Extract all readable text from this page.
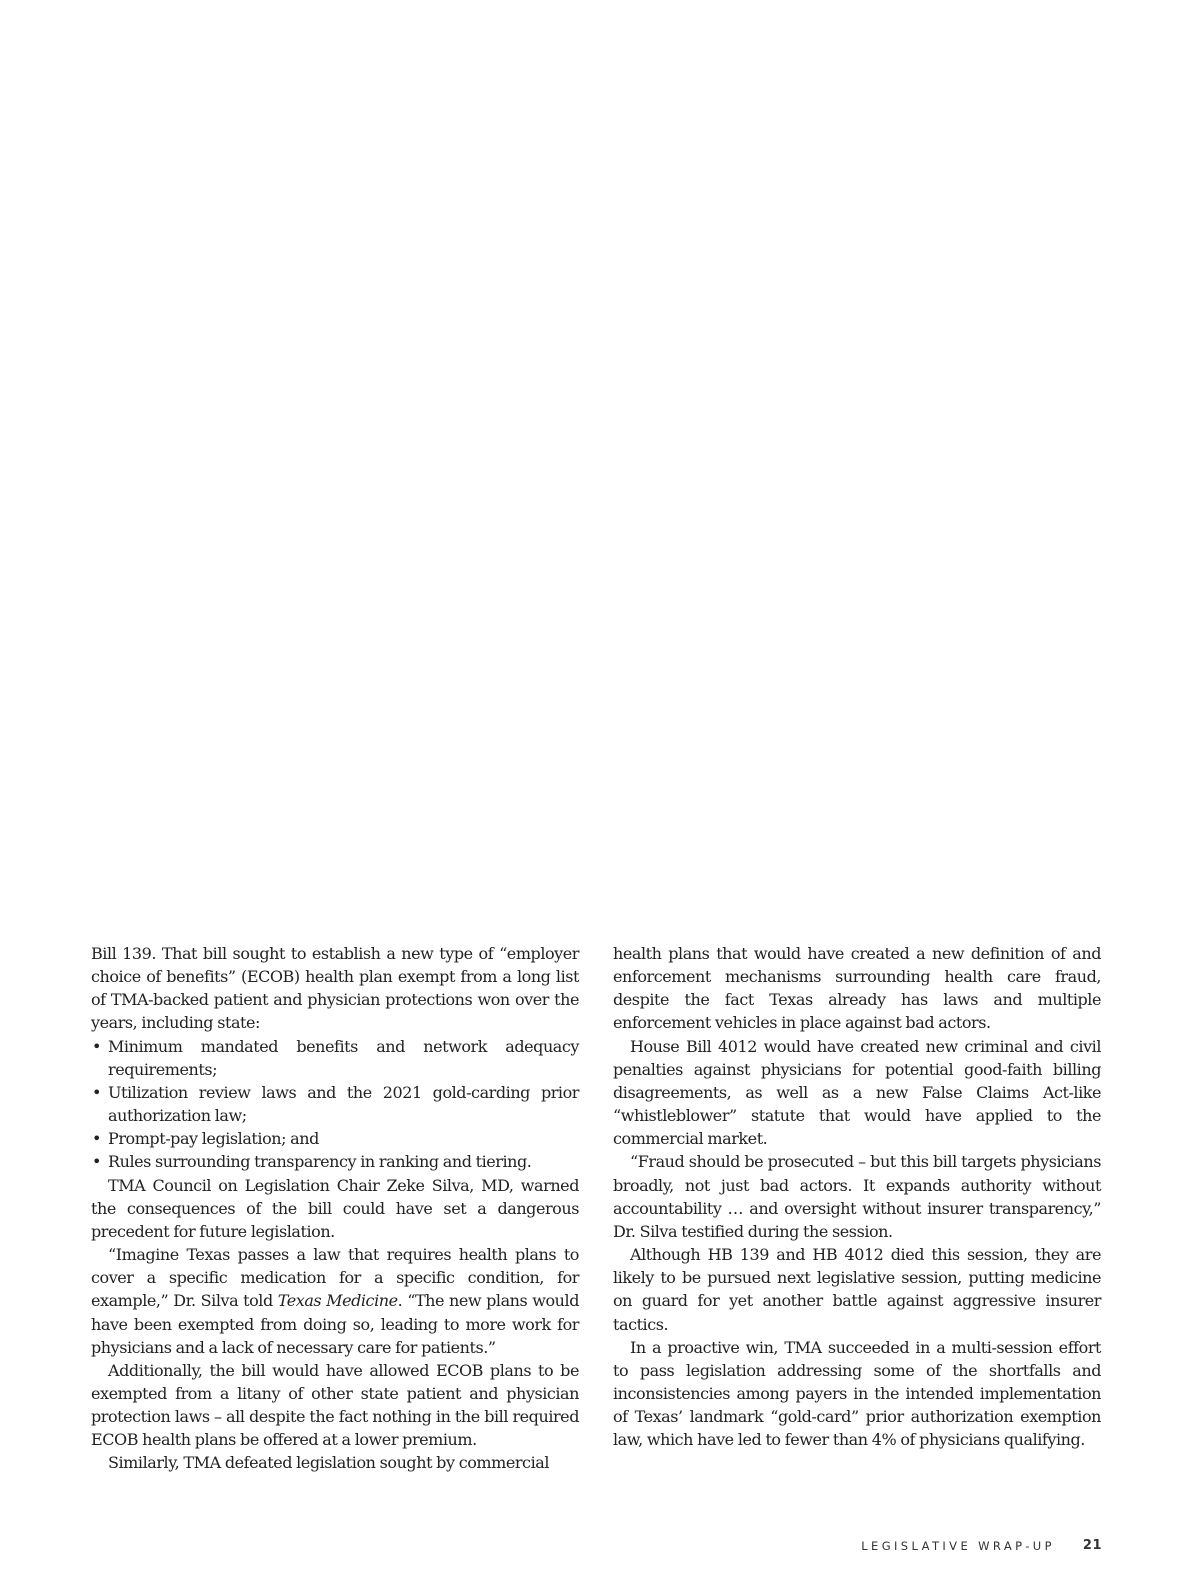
Bill 139. That bill sought to establish a new type of “employer choice of benefits” (ECOB) health plan exempt from a long list of TMA-backed patient and physician protections won over the years, including state:

• Minimum mandated benefits and network adequacy requirements;
• Utilization review laws and the 2021 gold-carding prior authorization law;
• Prompt-pay legislation; and
• Rules surrounding transparency in ranking and tiering.

TMA Council on Legislation Chair Zeke Silva, MD, warned the consequences of the bill could have set a dangerous precedent for future legislation.

“Imagine Texas passes a law that requires health plans to cover a specific medication for a specific condition, for example,” Dr. Silva told Texas Medicine. “The new plans would have been exempted from doing so, leading to more work for physicians and a lack of necessary care for patients.”

Additionally, the bill would have allowed ECOB plans to be exempted from a litany of other state patient and physician protection laws – all despite the fact nothing in the bill required ECOB health plans be offered at a lower premium.

Similarly, TMA defeated legislation sought by commercial

health plans that would have created a new definition of and enforcement mechanisms surrounding health care fraud, despite the fact Texas already has laws and multiple enforcement vehicles in place against bad actors.

House Bill 4012 would have created new criminal and civil penalties against physicians for potential good-faith billing disagreements, as well as a new False Claims Act-like “whistleblower” statute that would have applied to the commercial market.

“Fraud should be prosecuted – but this bill targets physicians broadly, not just bad actors. It expands authority without accountability … and oversight without insurer transparency,” Dr. Silva testified during the session.

Although HB 139 and HB 4012 died this session, they are likely to be pursued next legislative session, putting medicine on guard for yet another battle against aggressive insurer tactics.

In a proactive win, TMA succeeded in a multi-session effort to pass legislation addressing some of the shortfalls and inconsistencies among payers in the intended implementation of Texas’ landmark “gold-card” prior authorization exemption law, which have led to fewer than 4% of physicians qualifying.

LEGISLATIVE WRAP-UP 21
